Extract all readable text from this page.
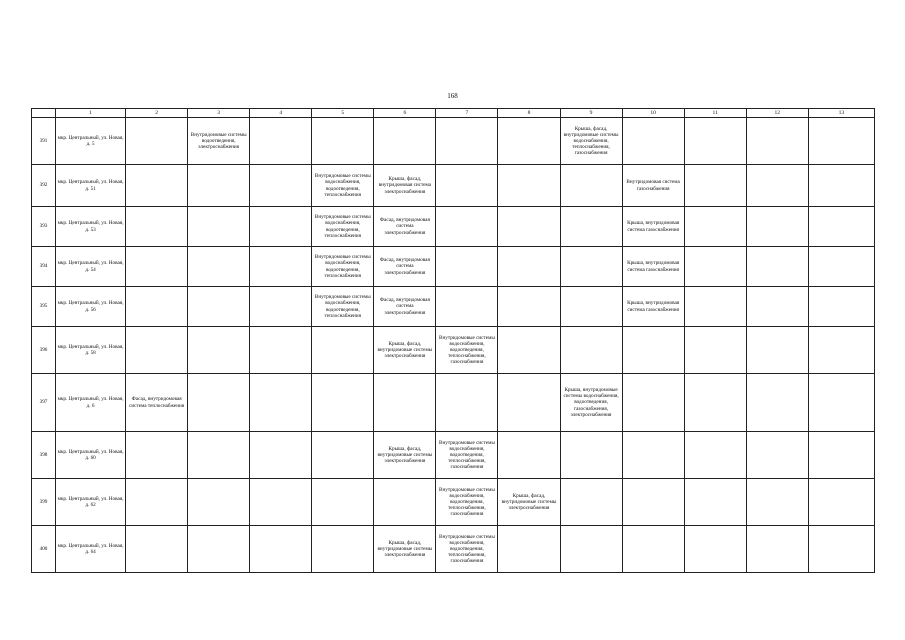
168
	1	2	3	4	5	6	7	8	9	10	11	12	13
391	мкр. Центральный, ул. Новая, д. 5		Внутридомовые системы водоотведения, электроснабжения						Крыша, фасад, внутридомовые системы водоснабжения, теплоснабжения, газоснабжения				
392	мкр. Центральный, ул. Новая, д. 51				Внутридомовые системы водоснабжения, водоотведения, теплоснабжения	Крыша, фасад, внутридомовая система электроснабжения				Внутридомовая система газоснабжения			
393	мкр. Центральный, ул. Новая, д. 53				Внутридомовые системы водоснабжения, водоотведения, теплоснабжения	Фасад, внутридомовая система электроснабжения				Крыша, внутридомовая система газоснабжения			
394	мкр. Центральный, ул. Новая, д. 54				Внутридомовые системы водоснабжения, водоотведения, теплоснабжения	Фасад, внутридомовая система электроснабжения				Крыша, внутридомовая система газоснабжения			
395	мкр. Центральный, ул. Новая, д. 56				Внутридомовые системы водоснабжения, водоотведения, теплоснабжения	Фасад, внутридомовая система электроснабжения				Крыша, внутридомовая система газоснабжения			
396	мкр. Центральный, ул. Новая, д. 58					Крыша, фасад, внутридомовые системы электроснабжения	Внутридомовые системы водоснабжения, водоотведения, теплоснабжения, газоснабжения						
397	мкр. Центральный, ул. Новая, д. 6	Фасад, внутридомовая система теплоснабжения							Крыша, внутридомовые системы водоснабжения, водоотведения, газоснабжения, электроснабжения				
398	мкр. Центральный, ул. Новая, д. 60					Крыша, фасад, внутридомовые системы электроснабжения	Внутридомовые системы водоснабжения, водоотведения, теплоснабжения, газоснабжения						
399	мкр. Центральный, ул. Новая, д. 62						Внутридомовые системы водоснабжения, водоотведения, теплоснабжения, газоснабжения	Крыша, фасад, внутридомовые системы электроснабжения					
400	мкр. Центральный, ул. Новая, д. 64					Крыша, фасад, внутридомовые системы электроснабжения	Внутридомовые системы водоснабжения, водоотведения, теплоснабжения, газоснабжения						
